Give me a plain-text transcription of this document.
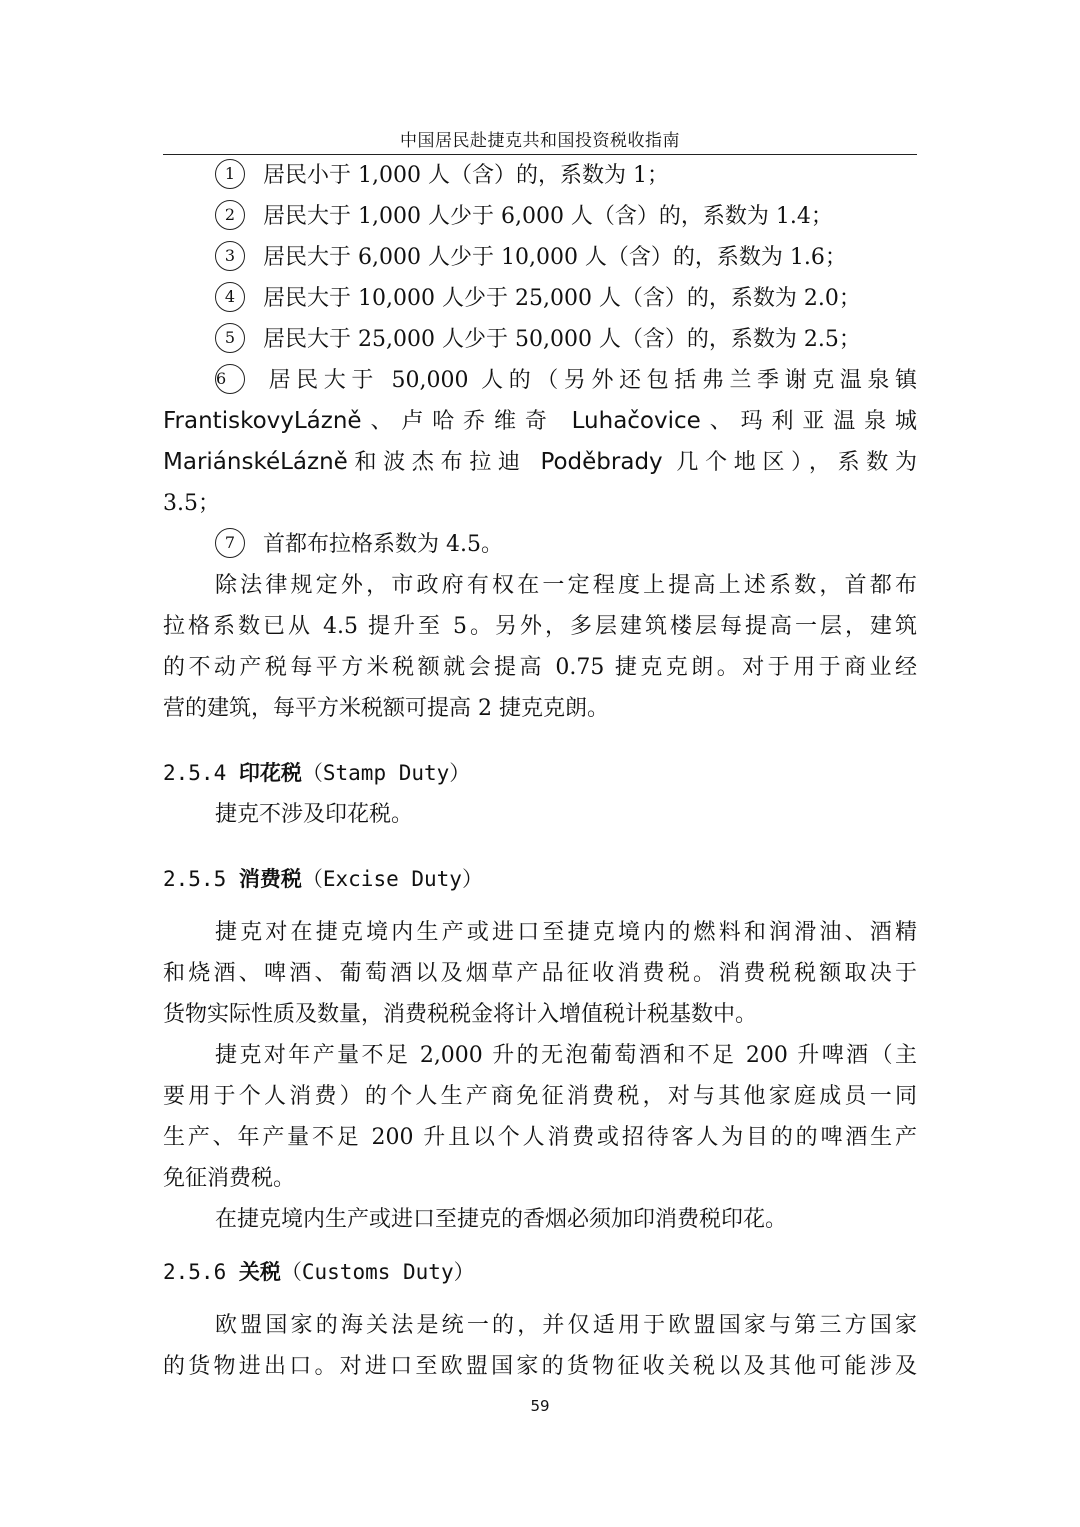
中国居民赴捷克共和国投资税收指南
1 居民小于 1,000 人（含）的，系数为 1；
2 居民大于 1,000 人少于 6,000 人（含）的，系数为 1.4；
3 居民大于 6,000 人少于 10,000 人（含）的，系数为 1.6；
4 居民大于 10,000 人少于 25,000 人（含）的，系数为 2.0；
5 居民大于 25,000 人少于 50,000 人（含）的，系数为 2.5；
6 居民大于 50,000 人的（另外还包括弗兰季谢克温泉镇
FrantiskovyLázně、卢哈乔维奇 Luhačovice、玛利亚温泉城
MariánskéLázně和波杰布拉迪 Poděbrady 几个地区），系数为
3.5；
7 首都布拉格系数为 4.5。
除法律规定外，市政府有权在一定程度上提高上述系数，首都布
拉格系数已从 4.5 提升至 5。另外，多层建筑楼层每提高一层，建筑
的不动产税每平方米税额就会提高 0.75 捷克克朗。对于用于商业经
营的建筑，每平方米税额可提高 2 捷克克朗。
2.5.4 印花税（Stamp Duty）
捷克不涉及印花税。
2.5.5 消费税（Excise Duty）
捷克对在捷克境内生产或进口至捷克境内的燃料和润滑油、酒精
和烧酒、啤酒、葡萄酒以及烟草产品征收消费税。消费税税额取决于
货物实际性质及数量，消费税税金将计入增值税计税基数中。
捷克对年产量不足 2,000 升的无泡葡萄酒和不足 200 升啤酒（主
要用于个人消费）的个人生产商免征消费税，对与其他家庭成员一同
生产、年产量不足 200 升且以个人消费或招待客人为目的的啤酒生产
免征消费税。
在捷克境内生产或进口至捷克的香烟必须加印消费税印花。
2.5.6 关税（Customs Duty）
欧盟国家的海关法是统一的，并仅适用于欧盟国家与第三方国家
的货物进出口。对进口至欧盟国家的货物征收关税以及其他可能涉及
59
